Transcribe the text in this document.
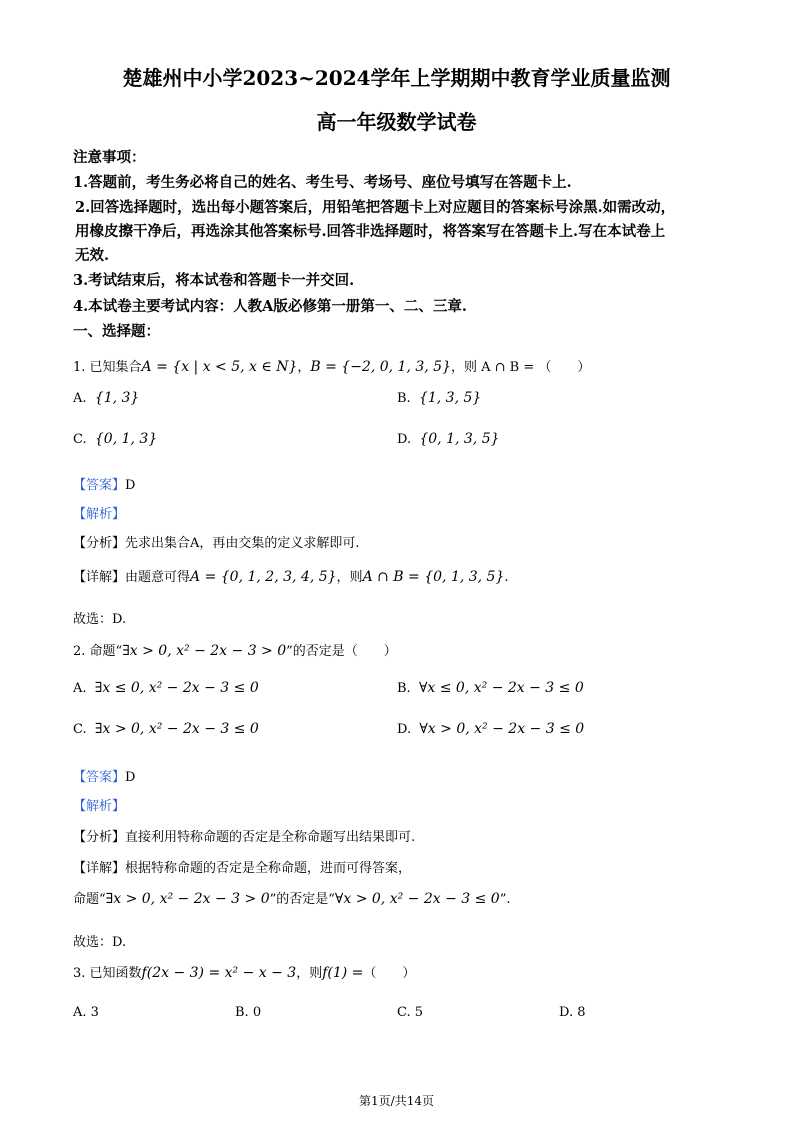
楚雄州中小学2023~2024学年上学期期中教育学业质量监测
高一年级数学试卷
注意事项：
1.答题前，考生务必将自己的姓名、考生号、考场号、座位号填写在答题卡上.
2.回答选择题时，选出每小题答案后，用铅笔把答题卡上对应题目的答案标号涂黑.如需改动，
用橡皮擦干净后，再选涂其他答案标号.回答非选择题时，将答案写在答题卡上.写在本试卷上
无效.
3.考试结束后，将本试卷和答题卡一并交回.
4.本试卷主要考试内容：人教A版必修第一册第一、二、三章.
一、选择题：
1. 已知集合A = {x | x < 5, x ∈ N}，B = {−2, 0, 1, 3, 5}，则 A ∩ B = （　　）
A. {1, 3}	B. {1, 3, 5}
C. {0, 1, 3}	D. {0, 1, 3, 5}
【答案】D
【解析】
【分析】先求出集合A，再由交集的定义求解即可.
【详解】由题意可得A = {0, 1, 2, 3, 4, 5}，则A ∩ B = {0, 1, 3, 5}.
故选：D.
2. 命题“∃x > 0, x² − 2x − 3 > 0”的否定是（　　）
A. ∃x ≤ 0, x² − 2x − 3 ≤ 0	B. ∀x ≤ 0, x² − 2x − 3 ≤ 0
C. ∃x > 0, x² − 2x − 3 ≤ 0	D. ∀x > 0, x² − 2x − 3 ≤ 0
【答案】D
【解析】
【分析】直接利用特称命题的否定是全称命题写出结果即可.
【详解】根据特称命题的否定是全称命题，进而可得答案，
命题“∃x > 0, x² − 2x − 3 > 0”的否定是“∀x > 0, x² − 2x − 3 ≤ 0”.
故选：D.
3. 已知函数f(2x − 3) = x² − x − 3，则f(1) =（　　）
A. 3	B. 0	C. 5	D. 8
第1页/共14页
